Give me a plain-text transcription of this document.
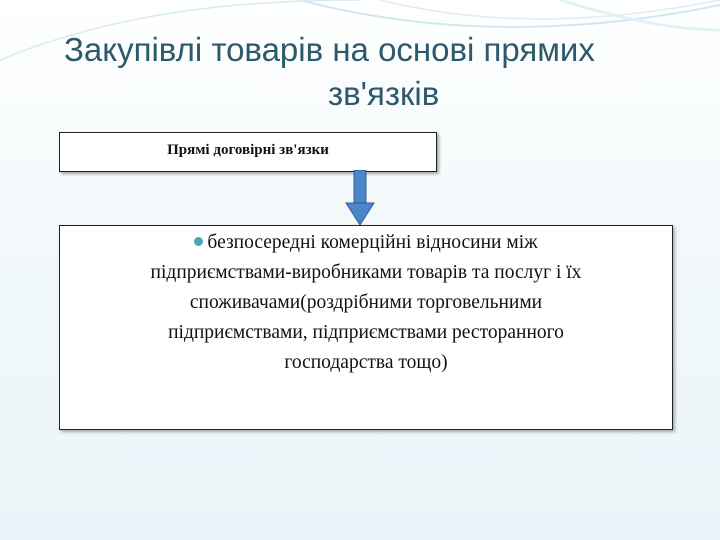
Закупівлі товарів на основі прямих
зв'язків
Прямі договірні зв'язки
безпосередні комерційні відносини між
підприємствами-виробниками товарів та послуг і їх
споживачами(роздрібними торговельними
підприємствами, підприємствами ресторанного
господарства тощо)
